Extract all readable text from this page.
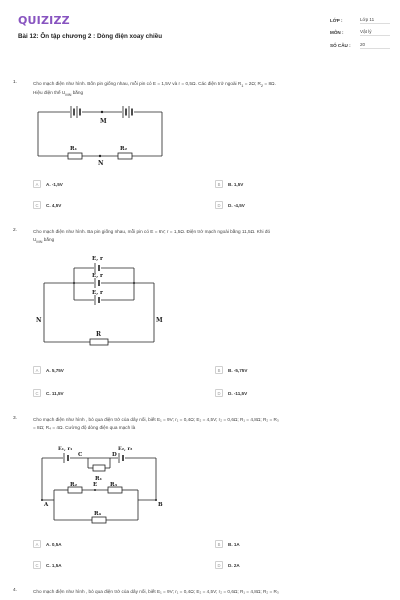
QUIZIZZ
Bài 12: Ôn tập chương 2 : Dòng điện xoay chiều
LỚP :	Lớp 11
MÔN :	Vật lý
SỐ CÂU :	20
1.	Cho mạch điện như hình. Bốn pin giống nhau, mỗi pin có E = 1,5V và r = 0,5Ω. Các điện trở ngoài $R_1 = 2\Omega$; $R_2 = 8\Omega$.
Hiệu điện thế $U_{MN}$ bằng
M
R₁	R₂
N
A	A. -1,5V	B	B. 1,5V
C	C. 4,5V	D	D. -4,5V
2.	Cho mạch điện như hình. Ba pin giống nhau, mỗi pin có E = 6V; r = 1,5Ω. Điện trở mạch ngoài bằng 11,5Ω. Khi đó
$U_{MN}$ bằng
E, r
E, r
E, r
N	M
R
A	A. 5,75V	B	B. -5,75V
C	C. 11,5V	D	D. -11,5V
3.	Cho mạch điện như hình , bỏ qua điện trở của dây nối, biết E₁ = 9V; r₁ = 0,4Ω; E₂ = 4,5V; r₂ = 0,6Ω; R₁ = 4,8Ω; R₂ = R₃
= 8Ω; R₄ = 4Ω. Cường độ dòng điện qua mạch là
E₁, r₁	E₂, r₂
C	D
R₁
R₂	E R₃
R₄
A	B
A	A. 0,5A	B	B. 1A
C	C. 1,5A	D	D. 2A
4.	Cho mạch điện như hình , bỏ qua điện trở của dây nối, biết E₁ = 9V; r₁ = 0,4Ω; E₂ = 4,5V; r₂ = 0,6Ω; R₁ = 4,8Ω; R₂ = R₃
